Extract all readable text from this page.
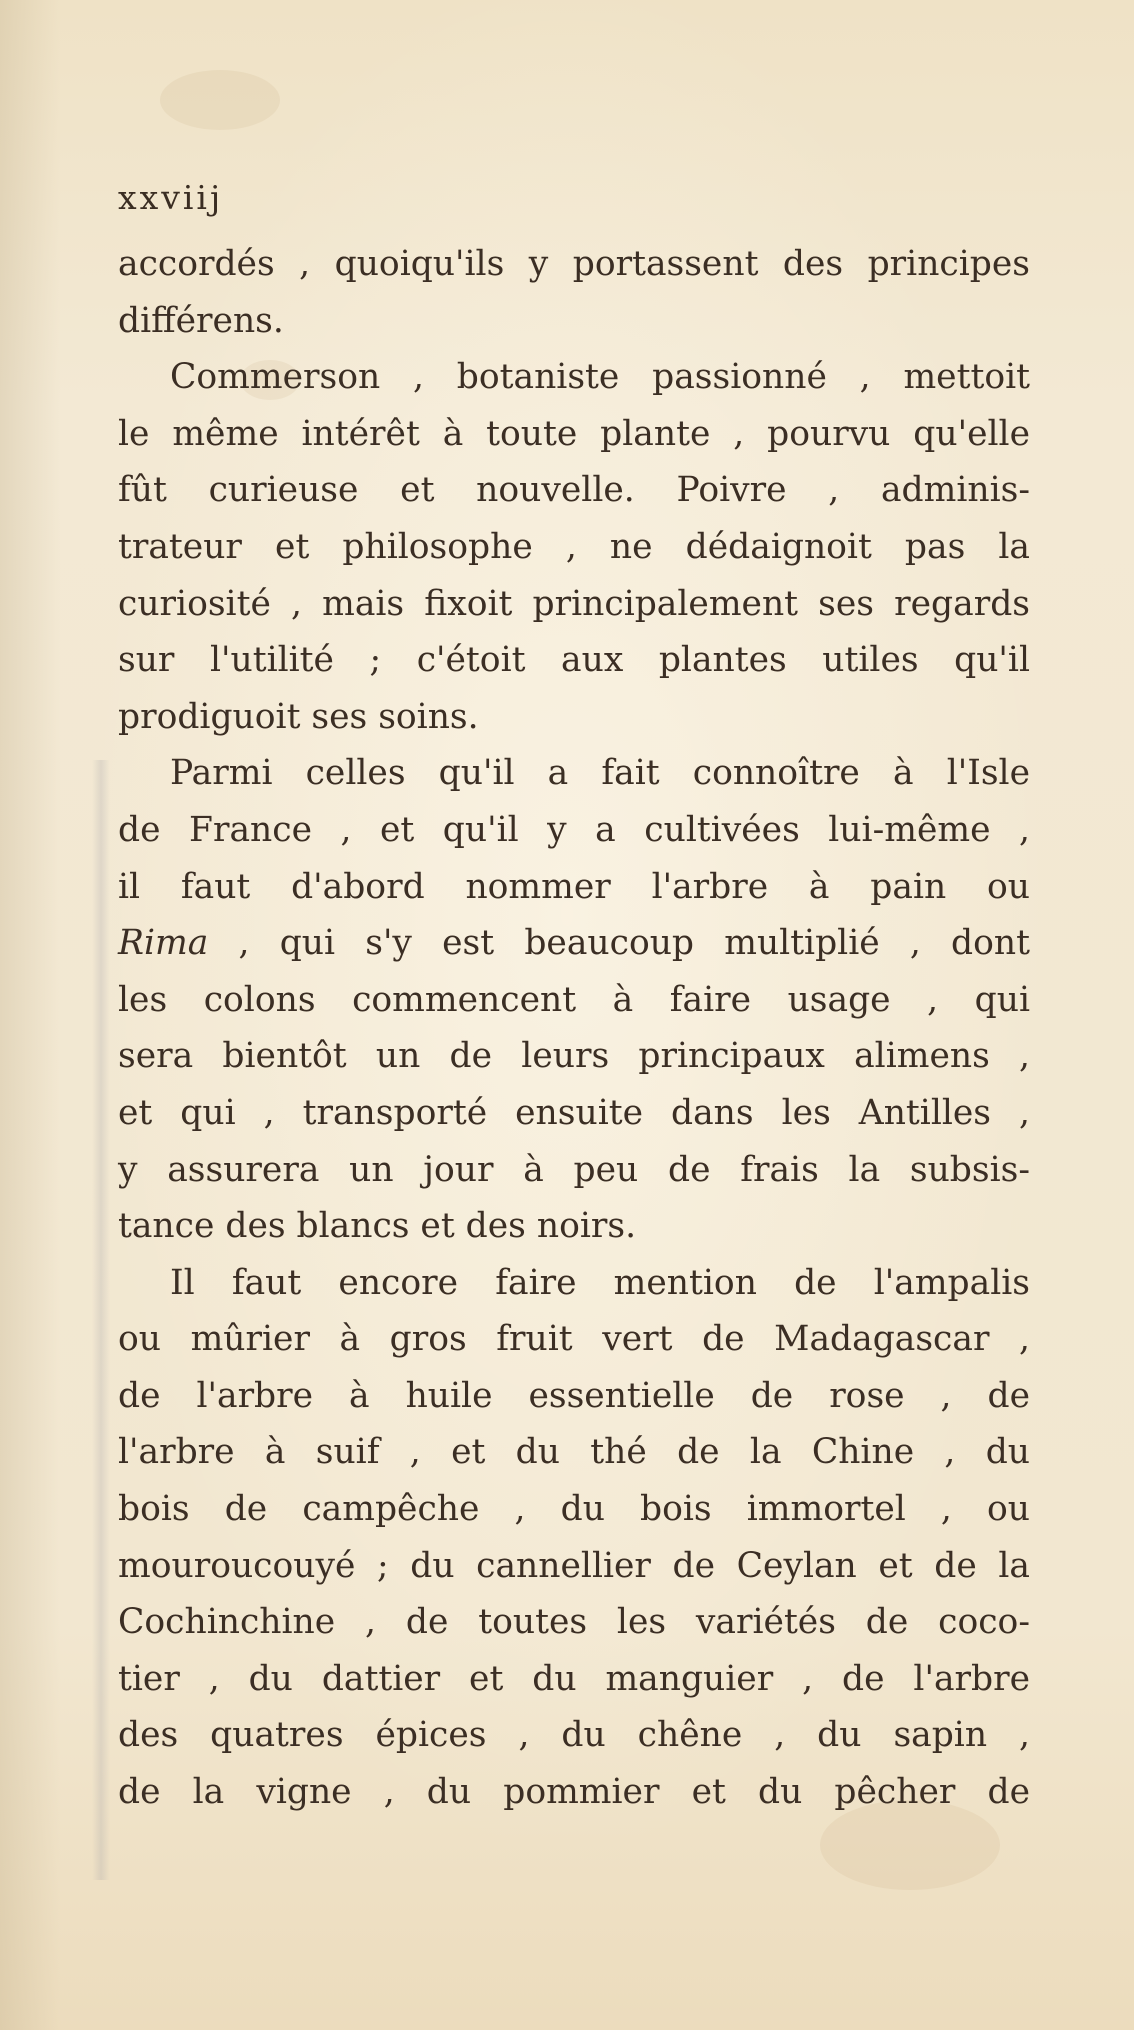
xxviij
accordés , quoiqu'ils y portassent des principes
différens.
Commerson , botaniste passionné , mettoit
le même intérêt à toute plante , pourvu qu'elle
fût curieuse et nouvelle. Poivre , adminis-
trateur et philosophe , ne dédaignoit pas la
curiosité , mais fixoit principalement ses regards
sur l'utilité ; c'étoit aux plantes utiles qu'il
prodiguoit ses soins.
Parmi celles qu'il a fait connoître à l'Isle
de France , et qu'il y a cultivées lui-même ,
il faut d'abord nommer l'arbre à pain ou
Rima , qui s'y est beaucoup multiplié , dont
les colons commencent à faire usage , qui
sera bientôt un de leurs principaux alimens ,
et qui , transporté ensuite dans les Antilles ,
y assurera un jour à peu de frais la subsis-
tance des blancs et des noirs.
Il faut encore faire mention de l'ampalis
ou mûrier à gros fruit vert de Madagascar ,
de l'arbre à huile essentielle de rose , de
l'arbre à suif , et du thé de la Chine , du
bois de campêche , du bois immortel , ou
mouroucouyé ; du cannellier de Ceylan et de la
Cochinchine , de toutes les variétés de coco-
tier , du dattier et du manguier , de l'arbre
des quatres épices , du chêne , du sapin ,
de la vigne , du pommier et du pêcher de
